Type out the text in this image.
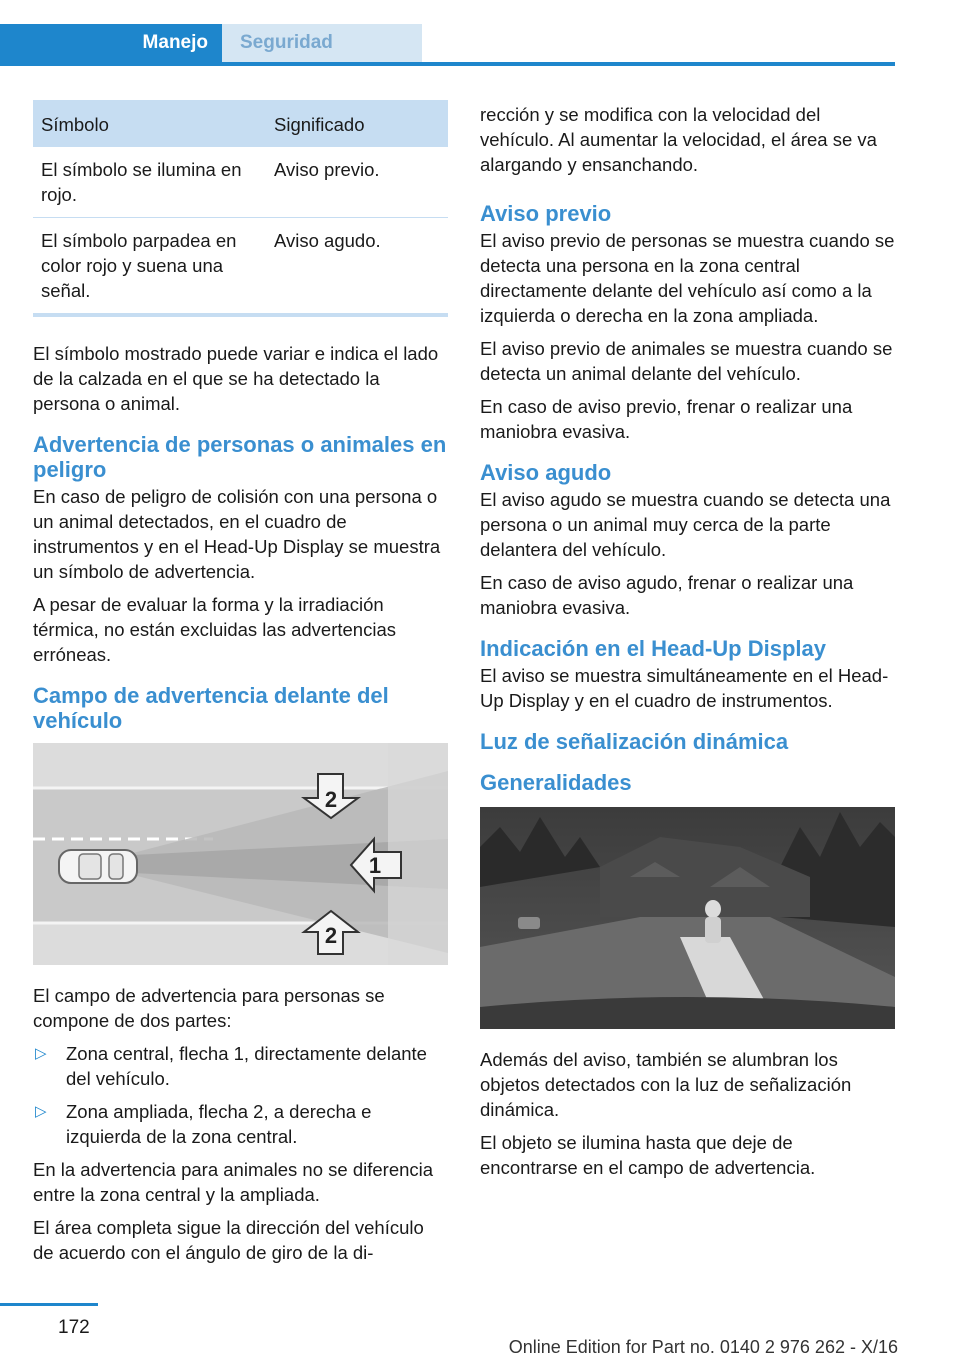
Manejo Seguridad
Símbolo	Significado
El símbolo se ilumina en rojo.	Aviso previo.
El símbolo parpadea en color rojo y suena una señal.	Aviso agudo.

El símbolo mostrado puede variar e indica el lado de la calzada en el que se ha detectado la persona o animal.

Advertencia de personas o animales en peligro

En caso de peligro de colisión con una persona o un animal detectados, en el cuadro de instrumentos y en el Head-Up Display se muestra un símbolo de advertencia.

A pesar de evaluar la forma y la irradiación térmica, no están excluidas las advertencias erróneas.

Campo de advertencia delante del vehículo
2
1
2

El campo de advertencia para personas se compone de dos partes:

▷ Zona central, flecha 1, directamente delante del vehículo.
▷ Zona ampliada, flecha 2, a derecha e izquierda de la zona central.

En la advertencia para animales no se diferencia entre la zona central y la ampliada.

El área completa sigue la dirección del vehículo de acuerdo con el ángulo de giro de la di-

rección y se modifica con la velocidad del vehículo. Al aumentar la velocidad, el área se va alargando y ensanchando.

Aviso previo

El aviso previo de personas se muestra cuando se detecta una persona en la zona central directamente delante del vehículo así como a la izquierda o derecha en la zona ampliada.

El aviso previo de animales se muestra cuando se detecta un animal delante del vehículo.

En caso de aviso previo, frenar o realizar una maniobra evasiva.

Aviso agudo

El aviso agudo se muestra cuando se detecta una persona o un animal muy cerca de la parte delantera del vehículo.

En caso de aviso agudo, frenar o realizar una maniobra evasiva.

Indicación en el Head-Up Display

El aviso se muestra simultáneamente en el Head-Up Display y en el cuadro de instrumentos.

Luz de señalización dinámica
Generalidades

Además del aviso, también se alumbran los objetos detectados con la luz de señalización dinámica.

El objeto se ilumina hasta que deje de encontrarse en el campo de advertencia.

172
Online Edition for Part no. 0140 2 976 262 - X/16
